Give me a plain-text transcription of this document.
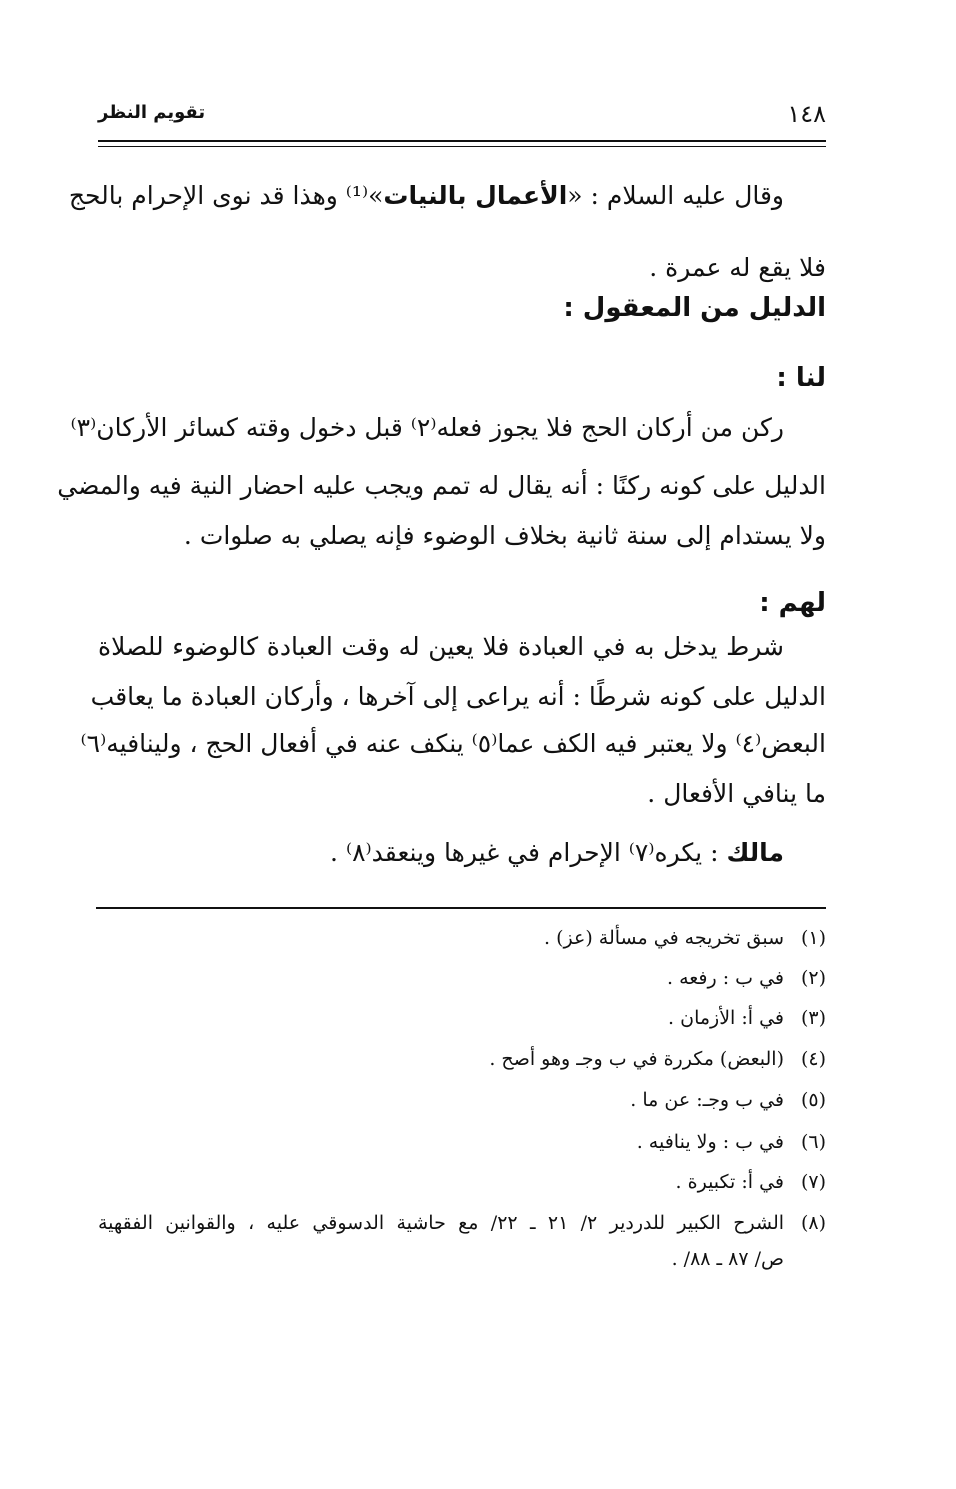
١٤٨
تقويم النظر
وقال عليه السلام : «الأعمال بالنيات»⁽¹⁾ وهذا قد نوى الإحرام بالحج
فلا يقع له عمرة .
الدليل من المعقول :
لنا :
ركن من أركان الحج فلا يجوز فعله⁽٢⁾ قبل دخول وقته كسائر الأركان⁽٣⁾
الدليل على كونه ركنًا : أنه يقال له تمم ويجب عليه احضار النية فيه والمضي
ولا يستدام إلى سنة ثانية بخلاف الوضوء فإنه يصلي به صلوات .
لهم :
شرط يدخل به في العبادة فلا يعين له وقت العبادة كالوضوء للصلاة
الدليل على كونه شرطًا : أنه يراعى إلى آخرها ، وأركان العبادة ما يعاقب
البعض⁽٤⁾ ولا يعتبر فيه الكف عما⁽٥⁾ ينكف عنه في أفعال الحج ، ولينافيه⁽٦⁾
ما ينافي الأفعال .
مالك : يكره⁽٧⁾ الإحرام في غيرها وينعقد⁽٨⁾ .
(١)سبق تخريجه في مسألة (عز) .
(٢)في ب : رفعه .
(٣)في أ: الأزمان .
(٤)(البعض) مكررة في ب وجـ وهو أصح .
(٥)في ب وجـ: عن ما .
(٦)في ب : ولا ينافيه .
(٧)في أ: تكبيرة .
(٨)الشرح الكبير للدردير ٢/ ٢١ ـ ٢٢/ مع حاشية الدسوقي عليه ، والقوانين الفقهية
ص/ ٨٧ ـ ٨٨/ .
